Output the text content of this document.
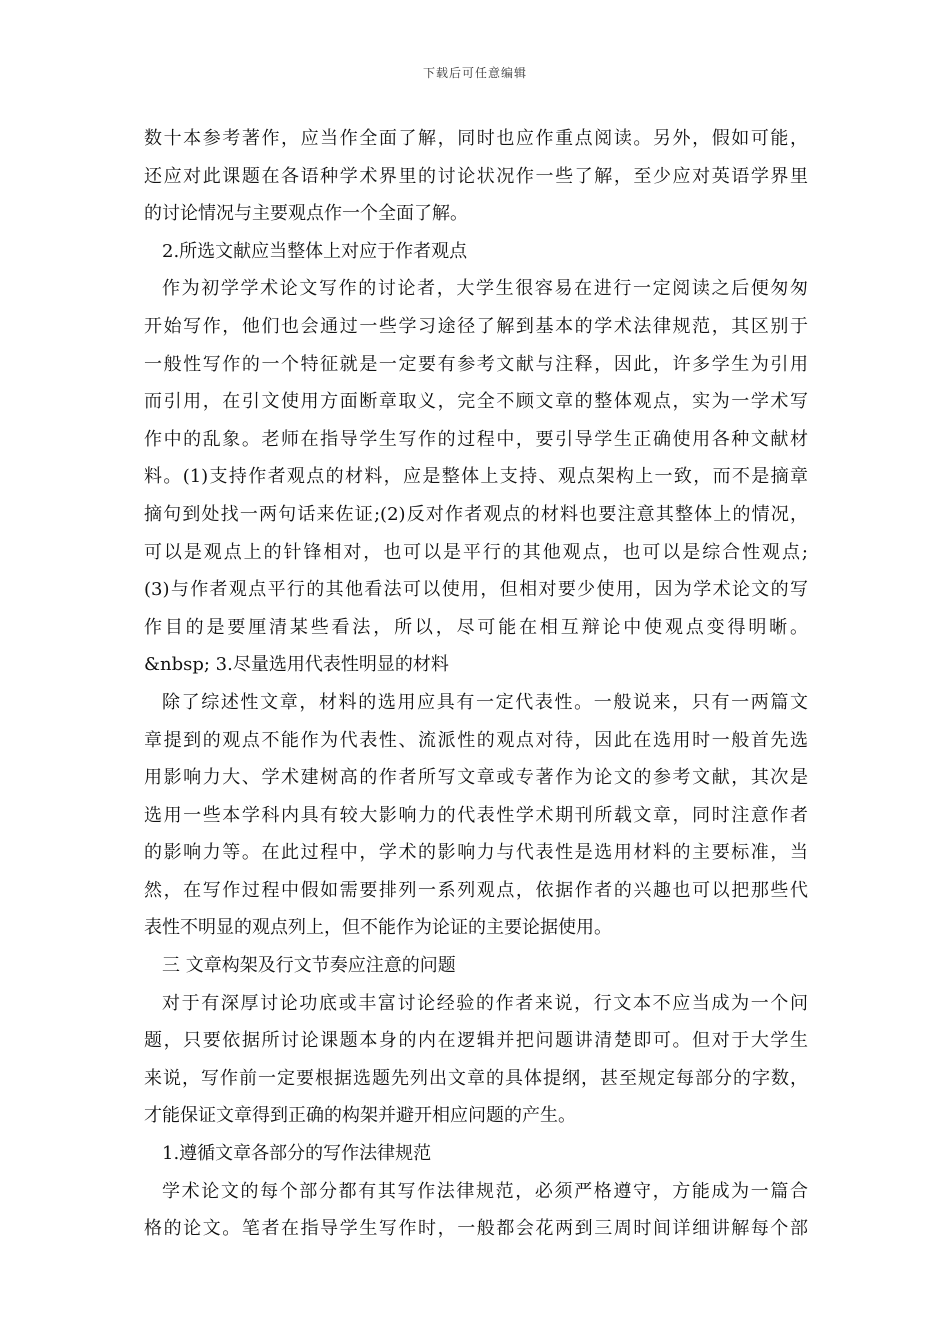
下载后可任意编辑
数十本参考著作，应当作全面了解，同时也应作重点阅读。另外，假如可能，
还应对此课题在各语种学术界里的讨论状况作一些了解，至少应对英语学界里
的讨论情况与主要观点作一个全面了解。
2.所选文献应当整体上对应于作者观点
作为初学学术论文写作的讨论者，大学生很容易在进行一定阅读之后便匆匆
开始写作，他们也会通过一些学习途径了解到基本的学术法律规范，其区别于
一般性写作的一个特征就是一定要有参考文献与注释，因此，许多学生为引用
而引用，在引文使用方面断章取义，完全不顾文章的整体观点，实为一学术写
作中的乱象。老师在指导学生写作的过程中，要引导学生正确使用各种文献材
料。(1)支持作者观点的材料，应是整体上支持、观点架构上一致，而不是摘章
摘句到处找一两句话来佐证;(2)反对作者观点的材料也要注意其整体上的情况，
可以是观点上的针锋相对，也可以是平行的其他观点，也可以是综合性观点;
(3)与作者观点平行的其他看法可以使用，但相对要少使用，因为学术论文的写
作目的是要厘清某些看法，所以，尽可能在相互辩论中使观点变得明晰。
&nbsp; 3.尽量选用代表性明显的材料
除了综述性文章，材料的选用应具有一定代表性。一般说来，只有一两篇文
章提到的观点不能作为代表性、流派性的观点对待，因此在选用时一般首先选
用影响力大、学术建树高的作者所写文章或专著作为论文的参考文献，其次是
选用一些本学科内具有较大影响力的代表性学术期刊所载文章，同时注意作者
的影响力等。在此过程中，学术的影响力与代表性是选用材料的主要标准，当
然，在写作过程中假如需要排列一系列观点，依据作者的兴趣也可以把那些代
表性不明显的观点列上，但不能作为论证的主要论据使用。
三 文章构架及行文节奏应注意的问题
对于有深厚讨论功底或丰富讨论经验的作者来说，行文本不应当成为一个问
题，只要依据所讨论课题本身的内在逻辑并把问题讲清楚即可。但对于大学生
来说，写作前一定要根据选题先列出文章的具体提纲，甚至规定每部分的字数，
才能保证文章得到正确的构架并避开相应问题的产生。
1.遵循文章各部分的写作法律规范
学术论文的每个部分都有其写作法律规范，必须严格遵守，方能成为一篇合
格的论文。笔者在指导学生写作时，一般都会花两到三周时间详细讲解每个部
